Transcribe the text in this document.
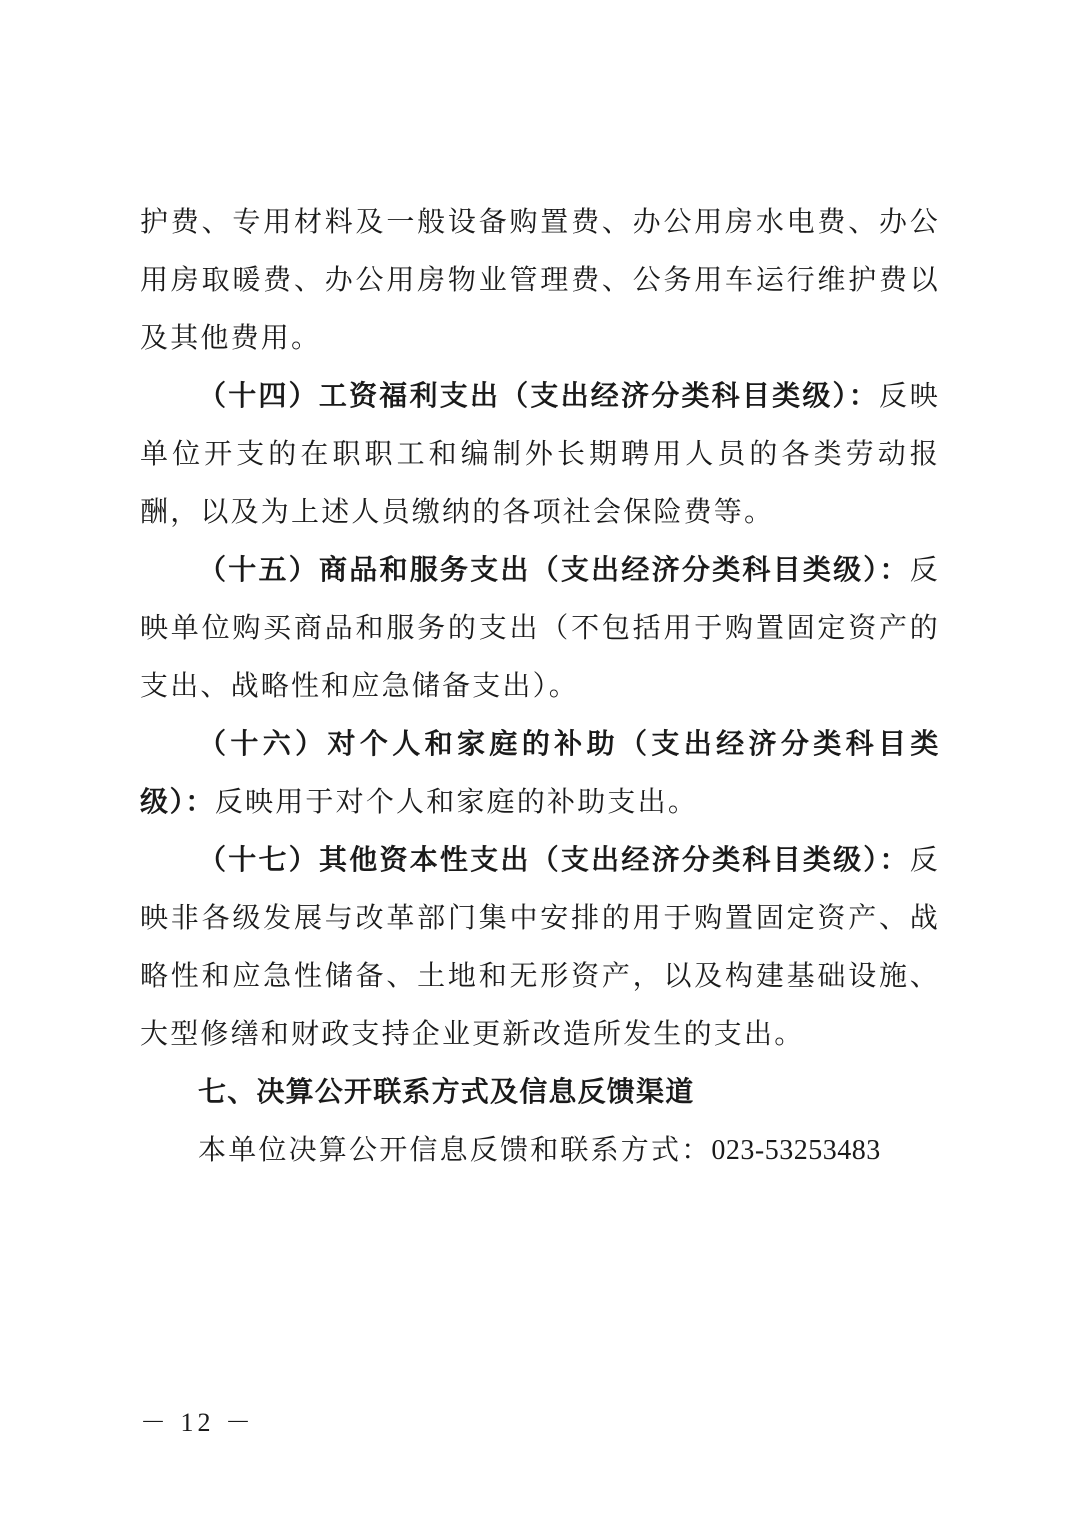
护费、专用材料及一般设备购置费、办公用房水电费、办公用房取暖费、办公用房物业管理费、公务用车运行维护费以及其他费用。

（十四）工资福利支出（支出经济分类科目类级）：反映单位开支的在职职工和编制外长期聘用人员的各类劳动报酬，以及为上述人员缴纳的各项社会保险费等。

（十五）商品和服务支出（支出经济分类科目类级）：反映单位购买商品和服务的支出（不包括用于购置固定资产的支出、战略性和应急储备支出）。

（十六）对个人和家庭的补助（支出经济分类科目类级）：反映用于对个人和家庭的补助支出。

（十七）其他资本性支出（支出经济分类科目类级）：反映非各级发展与改革部门集中安排的用于购置固定资产、战略性和应急性储备、土地和无形资产，以及构建基础设施、大型修缮和财政支持企业更新改造所发生的支出。

七、决算公开联系方式及信息反馈渠道

本单位决算公开信息反馈和联系方式：023-53253483

－ 12 －
